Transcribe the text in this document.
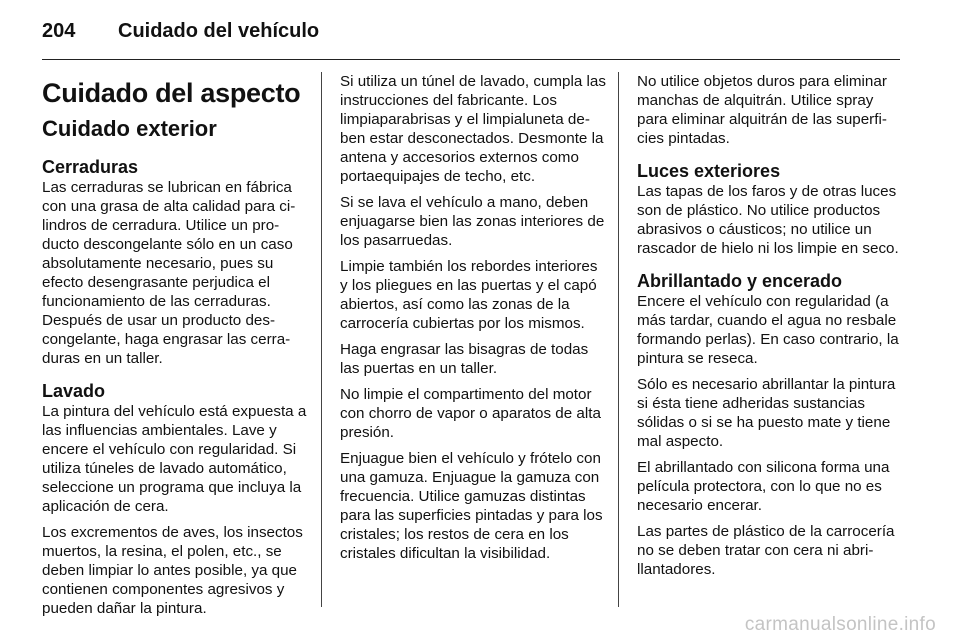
204 Cuidado del vehículo
Cuidado del aspecto
Cuidado exterior
Cerraduras

Las cerraduras se lubrican en fábrica con una grasa de alta calidad para cilindros de cerradura. Utilice un producto descongelante sólo en un caso absolutamente necesario, pues su efecto desengrasante perjudica el funcionamiento de las cerraduras. Después de usar un producto descongelante, haga engrasar las cerraduras en un taller.

Lavado

La pintura del vehículo está expuesta a las influencias ambientales. Lave y encere el vehículo con regularidad. Si utiliza túneles de lavado automático, seleccione un programa que incluya la aplicación de cera.

Los excrementos de aves, los insectos muertos, la resina, el polen, etc., se deben limpiar lo antes posible, ya que contienen componentes agresivos y pueden dañar la pintura.

Si utiliza un túnel de lavado, cumpla las instrucciones del fabricante. Los limpiaparabrisas y el limpialuneta deben estar desconectados. Desmonte la antena y accesorios externos como portaequipajes de techo, etc.

Si se lava el vehículo a mano, deben enjuagarse bien las zonas interiores de los pasarruedas.

Limpie también los rebordes interiores y los pliegues en las puertas y el capó abiertos, así como las zonas de la carrocería cubiertas por los mismos.

Haga engrasar las bisagras de todas las puertas en un taller.

No limpie el compartimento del motor con chorro de vapor o aparatos de alta presión.

Enjuague bien el vehículo y frótelo con una gamuza. Enjuague la gamuza con frecuencia. Utilice gamuzas distintas para las superficies pintadas y para los cristales; los restos de cera en los cristales dificultan la visibilidad.

No utilice objetos duros para eliminar manchas de alquitrán. Utilice spray para eliminar alquitrán de las superficies pintadas.

Luces exteriores

Las tapas de los faros y de otras luces son de plástico. No utilice productos abrasivos o cáusticos; no utilice un rascador de hielo ni los limpie en seco.

Abrillantado y encerado

Encere el vehículo con regularidad (a más tardar, cuando el agua no resbale formando perlas). En caso contrario, la pintura se reseca.

Sólo es necesario abrillantar la pintura si ésta tiene adheridas sustancias sólidas o si se ha puesto mate y tiene mal aspecto.

El abrillantado con silicona forma una película protectora, con lo que no es necesario encerar.

Las partes de plástico de la carrocería no se deben tratar con cera ni abrillantadores.

carmanualsonline.info
